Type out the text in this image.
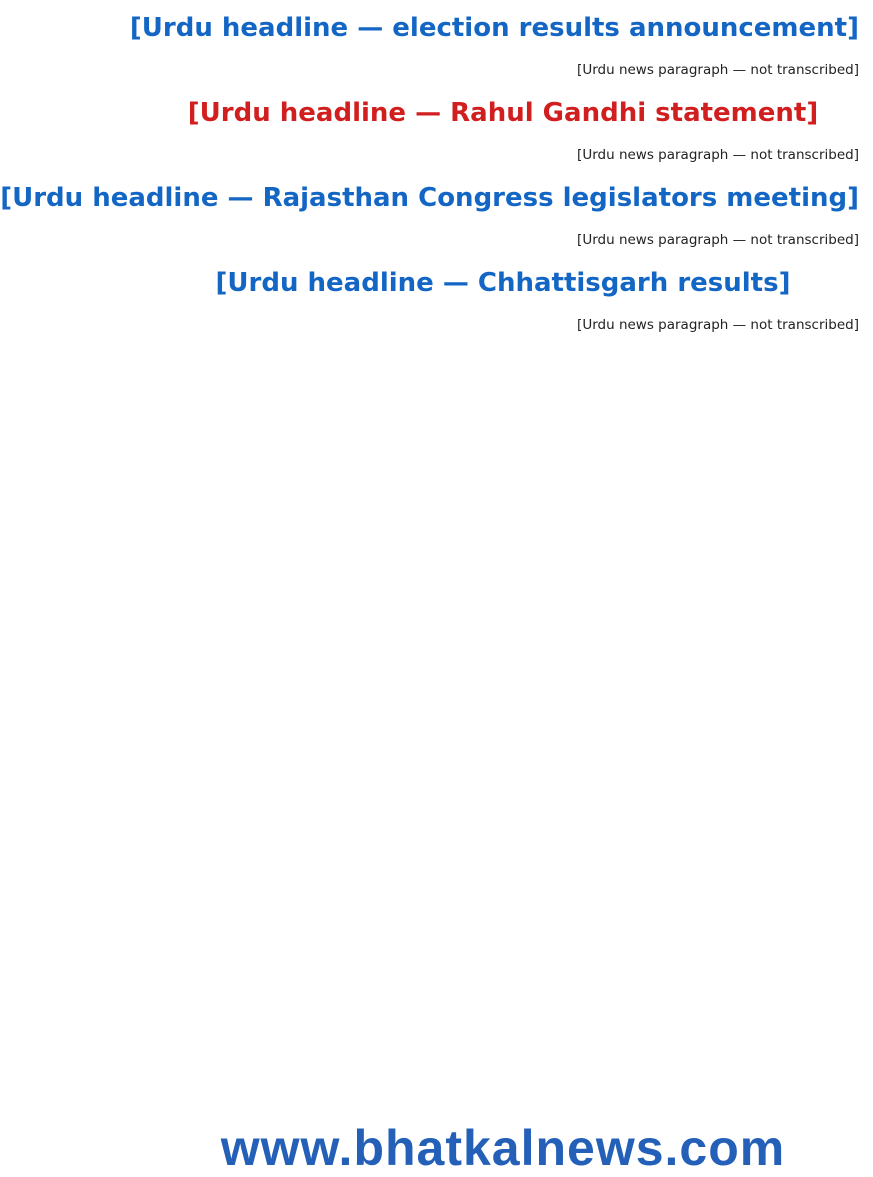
[Urdu headline — election results announcement]

[Urdu news paragraph — not transcribed]

[Urdu headline — Rahul Gandhi statement]

[Urdu news paragraph — not transcribed]

[Urdu headline — Rajasthan Congress legislators meeting]

[Urdu news paragraph — not transcribed]

[Urdu headline — Chhattisgarh results]

[Urdu news paragraph — not transcribed]

www.bhatkalnews.com
